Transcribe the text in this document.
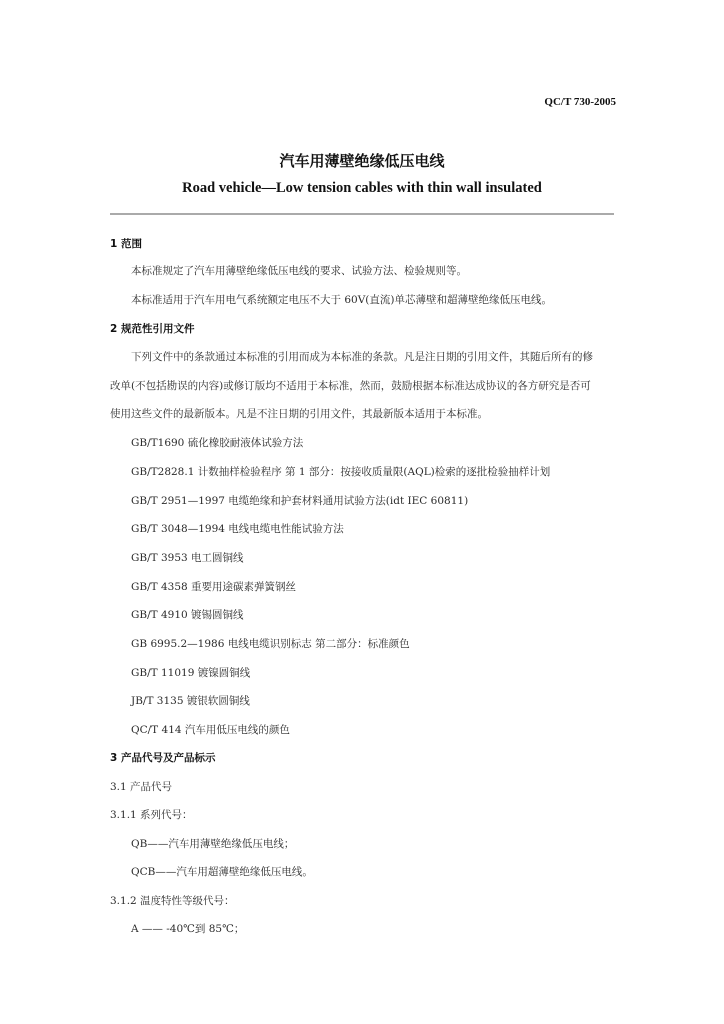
QC/T 730-2005
汽车用薄壁绝缘低压电线
Road vehicle—Low tension cables with thin wall insulated
1 范围
本标准规定了汽车用薄壁绝缘低压电线的要求、试验方法、检验规则等。
本标准适用于汽车用电气系统额定电压不大于 60V(直流)单芯薄壁和超薄壁绝缘低压电线。
2 规范性引用文件
下列文件中的条款通过本标准的引用而成为本标准的条款。凡是注日期的引用文件，其随后所有的修
改单(不包括勘误的内容)或修订版均不适用于本标准，然而，鼓励根据本标准达成协议的各方研究是否可
使用这些文件的最新版本。凡是不注日期的引用文件，其最新版本适用于本标准。
GB/T1690 硫化橡胶耐液体试验方法
GB/T2828.1 计数抽样检验程序 第 1 部分：按接收质量限(AQL)检索的逐批检验抽样计划
GB/T 2951—1997 电缆绝缘和护套材料通用试验方法(idt IEC 60811)
GB/T 3048—1994 电线电缆电性能试验方法
GB/T 3953 电工圆铜线
GB/T 4358 重要用途碳素弹簧钢丝
GB/T 4910 镀锡圆铜线
GB 6995.2—1986 电线电缆识别标志 第二部分：标准颜色
GB/T 11019 镀镍圆铜线
JB/T 3135 镀银软圆铜线
QC/T 414 汽车用低压电线的颜色
3 产品代号及产品标示
3.1 产品代号
3.1.1 系列代号：
QB——汽车用薄壁绝缘低压电线；
QCB——汽车用超薄壁绝缘低压电线。
3.1.2 温度特性等级代号：
A —— -40℃到 85℃；
